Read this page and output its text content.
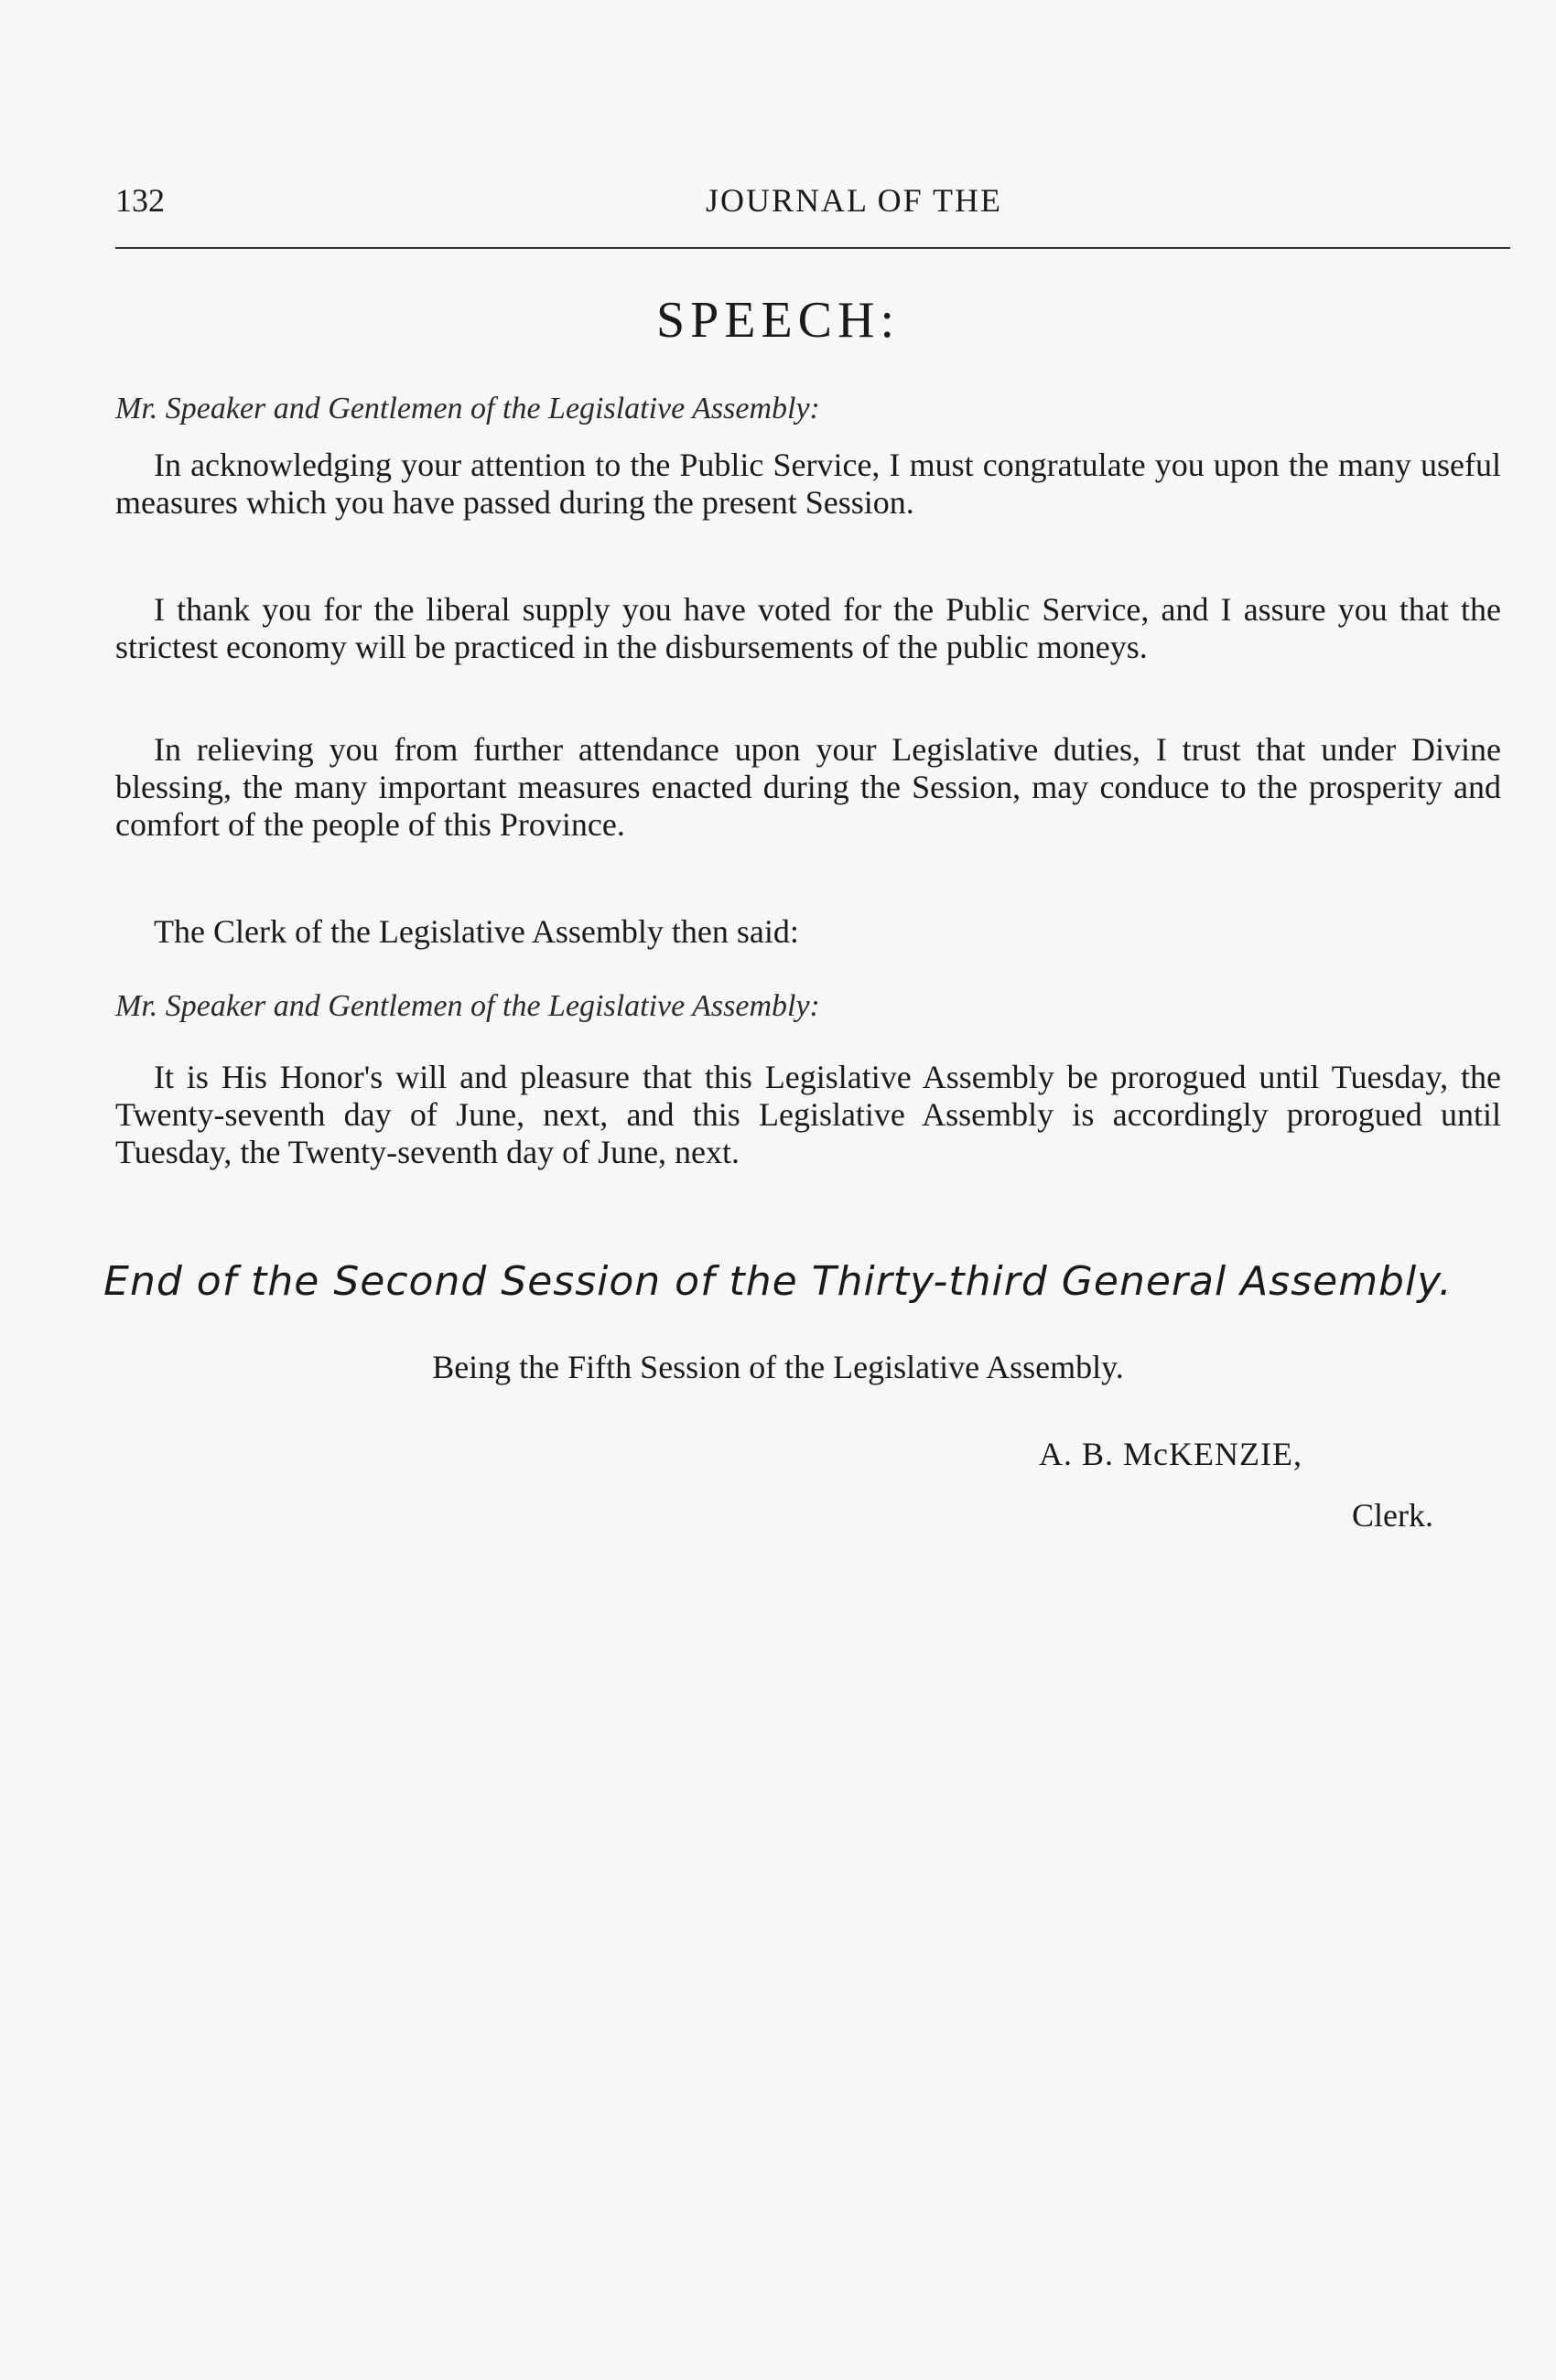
132	JOURNAL OF THE
SPEECH:
Mr. Speaker and Gentlemen of the Legislative Assembly:

In acknowledging your attention to the Public Service, I must congratulate you upon the many useful measures which you have passed during the present Session.

I thank you for the liberal supply you have voted for the Public Service, and I assure you that the strictest economy will be practiced in the disbursements of the public moneys.

In relieving you from further attendance upon your Legislative duties, I trust that under Divine blessing, the many important measures enacted during the Session, may conduce to the prosperity and comfort of the people of this Province.

The Clerk of the Legislative Assembly then said:
Mr. Speaker and Gentlemen of the Legislative Assembly:

It is His Honor's will and pleasure that this Legislative Assembly be prorogued until Tuesday, the Twenty-seventh day of June, next, and this Legislative Assembly is accordingly prorogued until Tuesday, the Twenty-seventh day of June, next.

End of the Second Session of the Thirty-third General Assembly.
Being the Fifth Session of the Legislative Assembly.
A. B. McKENZIE,
Clerk.
